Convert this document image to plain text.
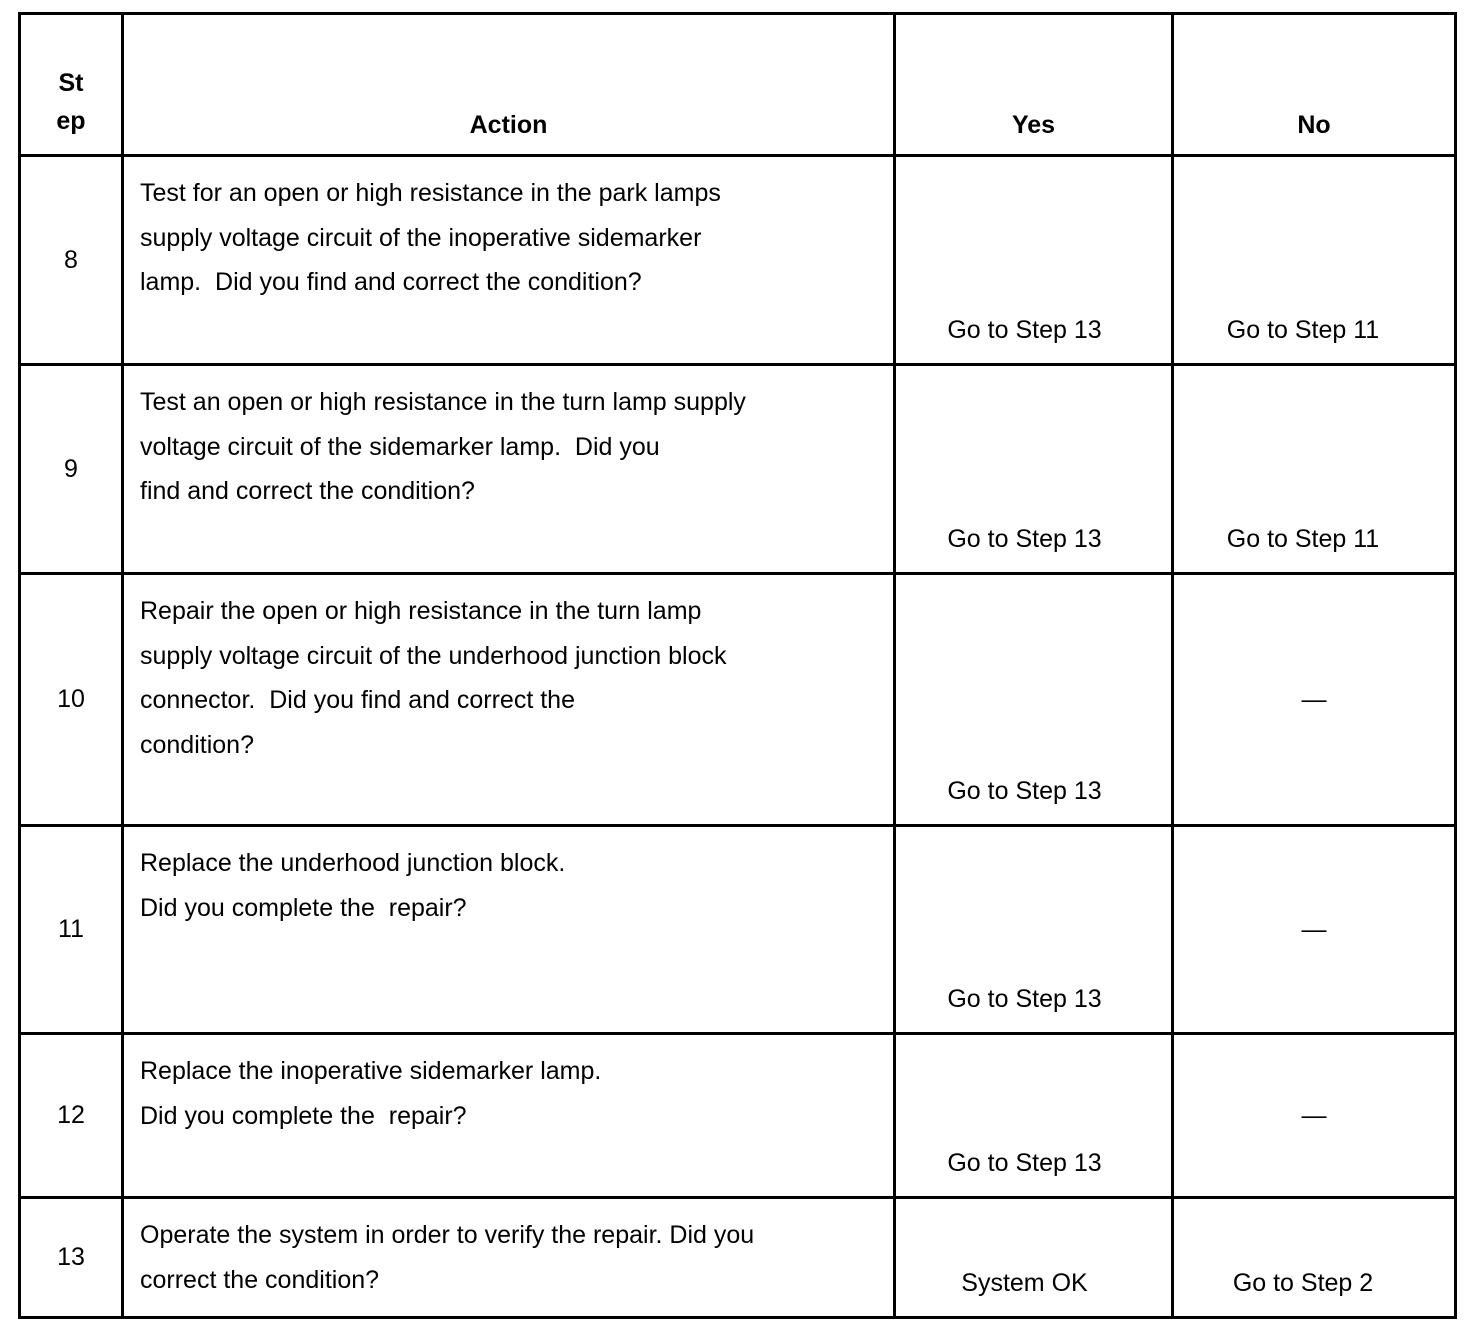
St
ep	Action	Yes	No
8	Test for an open or high resistance in the park lamps
supply voltage circuit of the inoperative sidemarker
lamp.  Did you find and correct the condition?	Go to Step 13	Go to Step 11

9	Test an open or high resistance in the turn lamp supply
voltage circuit of the sidemarker lamp.  Did you
find and correct the condition?	Go to Step 13	Go to Step 11

10	Repair the open or high resistance in the turn lamp
supply voltage circuit of the underhood junction block
connector.  Did you find and correct the
condition?	Go to Step 13	—

11	Replace the underhood junction block.
Did you complete the  repair?	Go to Step 13	—

12	Replace the inoperative sidemarker lamp.
Did you complete the  repair?	Go to Step 13	—

13	Operate the system in order to verify the repair. Did you
correct the condition?	System OK	Go to Step 2
